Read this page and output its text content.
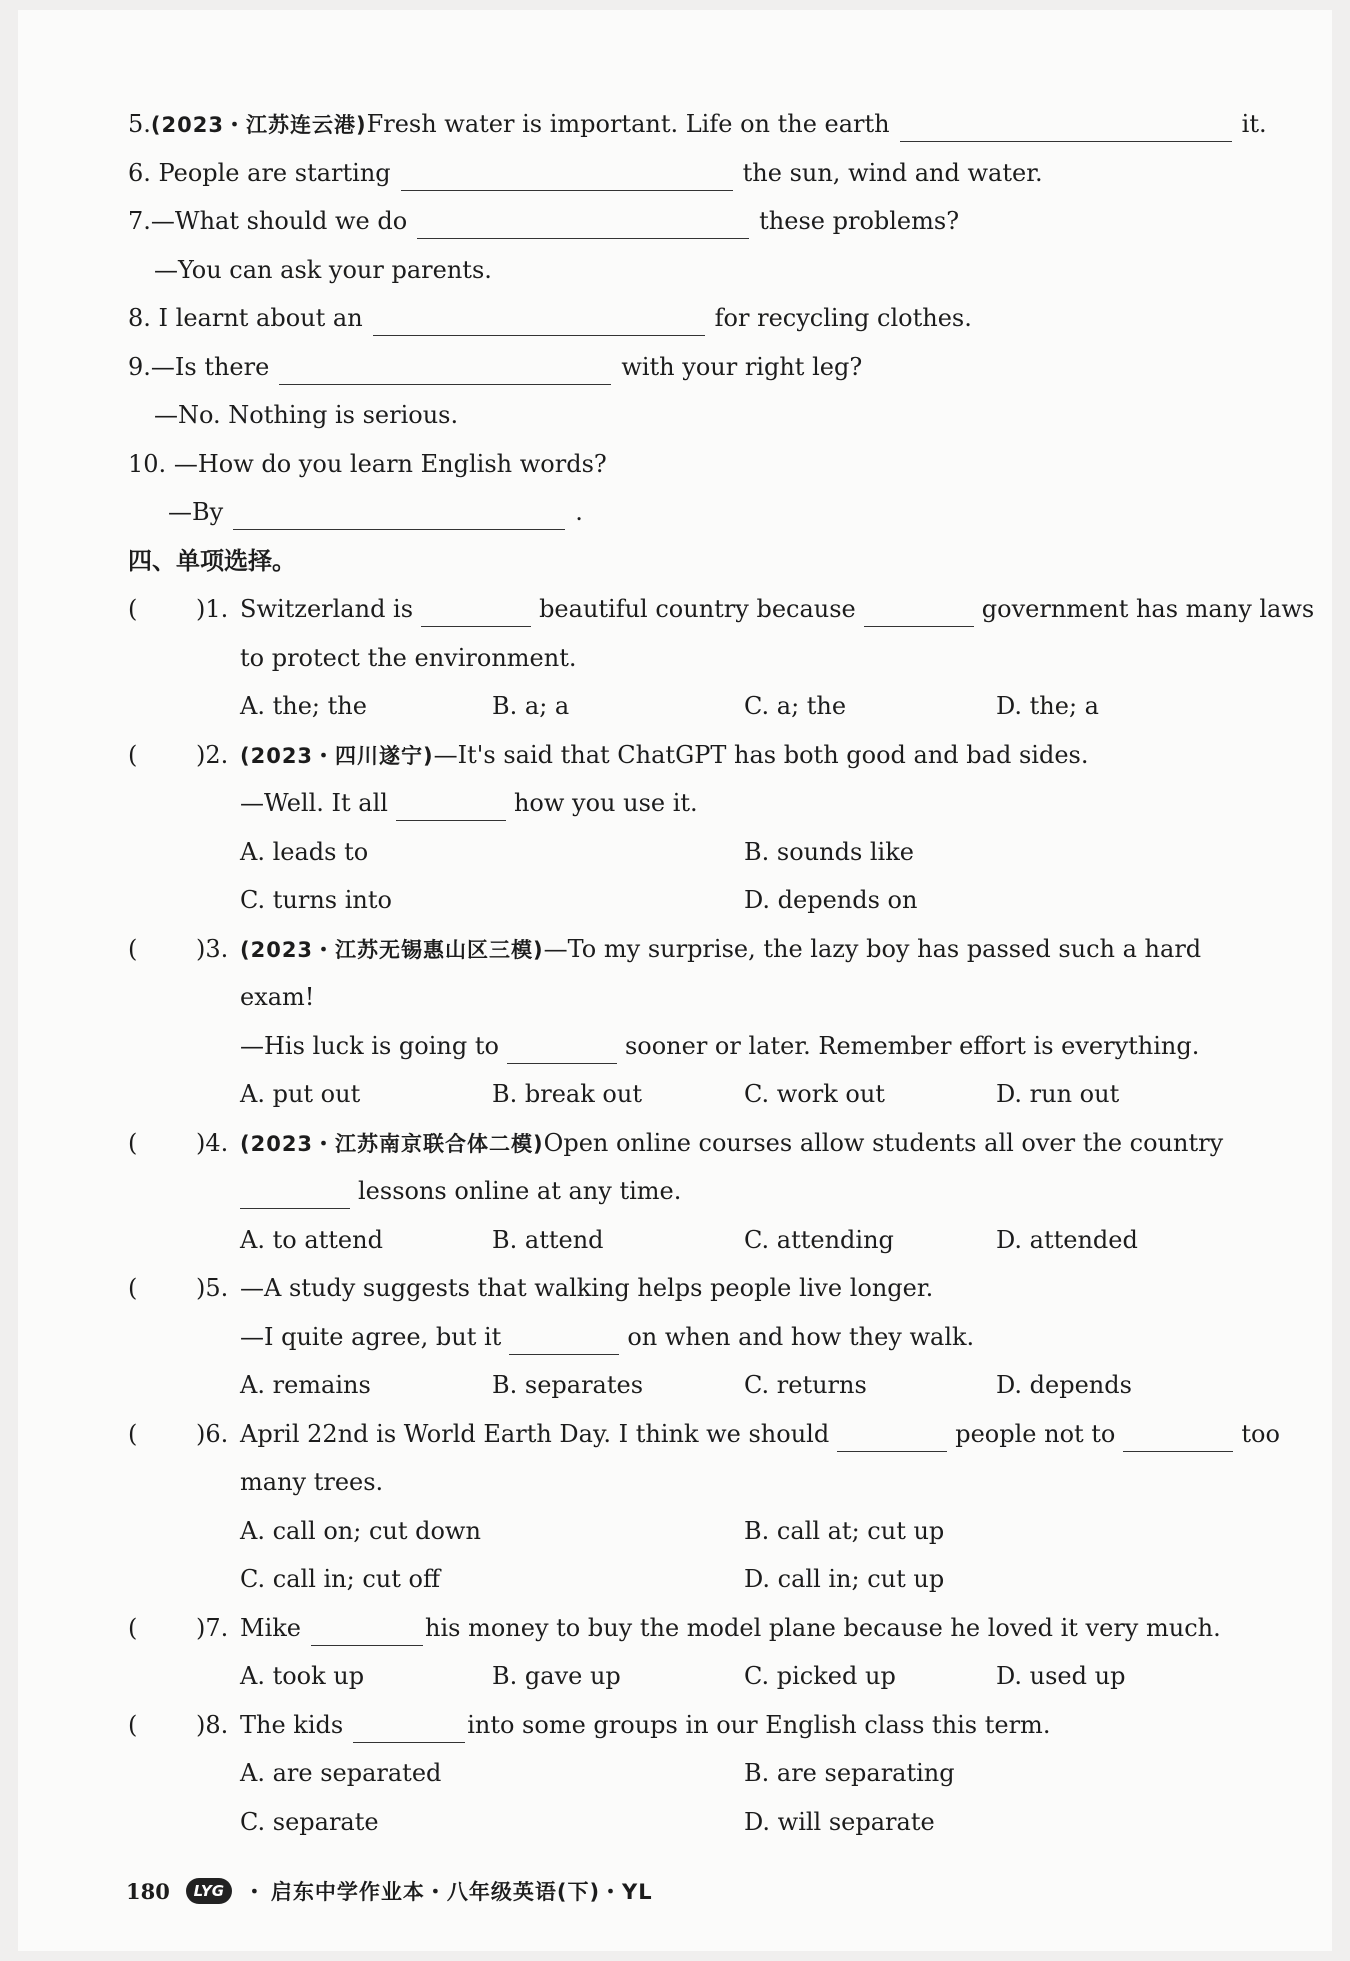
5.(2023・江苏连云港)Fresh water is important. Life on the earth	it.
6. People are starting	the sun, wind and water.
7.—What should we do	these problems?
—You can ask your parents.
8. I learnt about an	for recycling clothes.
9.—Is there	with your right leg?
—No. Nothing is serious.
10. —How do you learn English words?
—By	.
四、单项选择。
( )1. Switzerland is	beautiful country because	government has many laws
to protect the environment.
A. the; the	B. a; a	C. a; the	D. the; a
( )2. (2023・四川遂宁)—It's said that ChatGPT has both good and bad sides.
—Well. It all	how you use it.
A. leads to	B. sounds like
C. turns into	D. depends on
( )3. (2023・江苏无锡惠山区三模)—To my surprise, the lazy boy has passed such a hard
exam!
—His luck is going to	sooner or later. Remember effort is everything.
A. put out	B. break out	C. work out	D. run out
( )4. (2023・江苏南京联合体二模)Open online courses allow students all over the country
lessons online at any time.
A. to attend	B. attend	C. attending	D. attended
( )5. —A study suggests that walking helps people live longer.
—I quite agree, but it	on when and how they walk.
A. remains	B. separates	C. returns	D. depends
( )6. April 22nd is World Earth Day. I think we should	people not to	too
many trees.
A. call on; cut down	B. call at; cut up
C. call in; cut off	D. call in; cut up
( )7. Mike	his money to buy the model plane because he loved it very much.
A. took up	B. gave up	C. picked up	D. used up
( )8. The kids	into some groups in our English class this term.
A. are separated	B. are separating
C. separate	D. will separate
180	LYG ・ 启东中学作业本・八年级英语(下)・YL
